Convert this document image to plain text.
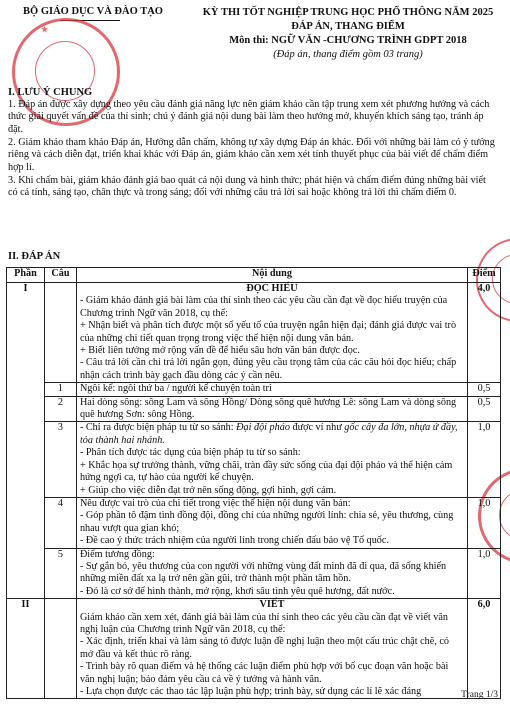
BỘ GIÁO DỤC VÀ ĐÀO TẠO	KỲ THI TỐT NGHIỆP TRUNG HỌC PHỔ THÔNG NĂM 2025
ĐÁP ÁN, THANG ĐIỂM
Môn thi: NGỮ VĂN -CHƯƠNG TRÌNH GDPT 2018
(Đáp án, thang điểm gồm 03 trang)
★
I. LƯU Ý CHUNG
1. Đáp án được xây dựng theo yêu cầu đánh giá năng lực nên giám khảo cần tập trung xem xét phương hướng và cách thức giải quyết vấn đề của thí sinh; chú ý đánh giá nội dung bài làm theo hướng mở, khuyến khích sáng tạo, tránh áp đặt.
2. Giám khảo tham khảo Đáp án, Hướng dẫn chấm, không tự xây dựng Đáp án khác. Đối với những bài làm có ý tưởng riêng và cách diễn đạt, triển khai khác với Đáp án, giám khảo cần xem xét tính thuyết phục của bài viết để chấm điểm hợp lí.
3. Khi chấm bài, giám khảo đánh giá bao quát cả nội dung và hình thức; phát hiện và chấm điểm đúng những bài viết có cá tính, sáng tạo, chân thực và trong sáng; đối với những câu trả lời sai hoặc không trả lời thì chấm điểm 0.
II. ĐÁP ÁN
Phần	Câu	Nội dung	Điểm
I		ĐỌC HIỂU
- Giám khảo đánh giá bài làm của thí sinh theo các yêu cầu cần đạt về đọc hiểu truyện của Chương trình Ngữ văn 2018, cụ thể:
+ Nhận biết và phân tích được một số yếu tố của truyện ngắn hiện đại; đánh giá được vai trò của những chi tiết quan trọng trong việc thể hiện nội dung văn bản.
+ Biết liên tưởng mở rộng vấn đề để hiểu sâu hơn văn bản được đọc.
- Câu trả lời cần chỉ trả lời ngắn gọn, đúng yêu cầu trọng tâm của các câu hỏi đọc hiểu; chấp nhận cách trình bày gạch đầu dòng các ý cần nêu.	4,0
	1	Ngôi kể: ngôi thứ ba / người kể chuyện toàn tri	0,5
	2	Hai dòng sông: sông Lam và sông Hồng/ Dòng sông quê hương Lê: sông Lam và dòng sông quê hương Sơn: sông Hồng.	0,5
	3	- Chỉ ra được biện pháp tu từ so sánh: Đại đội pháo được ví như gốc cây đa lớn, nhựa ứ đầy, tỏa thành hai nhánh.
- Phân tích được tác dụng của biện pháp tu từ so sánh:
+ Khắc họa sự trưởng thành, vững chãi, tràn đầy sức sống của đại đội pháo và thể hiện cảm hứng ngợi ca, tự hào của người kể chuyện.
+ Giúp cho việc diễn đạt trở nên sống động, gợi hình, gợi cảm.	1,0
	4	Nêu được vai trò của chi tiết trong việc thể hiện nội dung văn bản:
- Góp phần tô đậm tình đồng đội, đồng chí của những người lính: chia sẻ, yêu thương, cùng nhau vượt qua gian khó;
- Đề cao ý thức trách nhiệm của người lính trong chiến đấu bảo vệ Tổ quốc.	1,0
	5	Điểm tương đồng:
- Sự gắn bó, yêu thương của con người với những vùng đất mình đã đi qua, đã sống khiến những miền đất xa lạ trở nên gần gũi, trở thành một phần tâm hồn.
- Đó là cơ sở để hình thành, mở rộng, khơi sâu tình yêu quê hương, đất nước.	1,0
II		VIẾT
Giám khảo cần xem xét, đánh giá bài làm của thí sinh theo các yêu cầu cần đạt về viết văn nghị luận của Chương trình Ngữ văn 2018, cụ thể:
- Xác định, triển khai và làm sáng tỏ được luận đề nghị luận theo một cấu trúc chặt chẽ, có mở đầu và kết thúc rõ ràng.
- Trình bày rõ quan điểm và hệ thống các luận điểm phù hợp với bố cục đoạn văn hoặc bài văn nghị luận; bảo đảm yêu cầu cả về ý tưởng và hành văn.
- Lựa chọn được các thao tác lập luận phù hợp; trình bày, sử dụng các lí lẽ xác đáng	6,0
Trang 1/3
